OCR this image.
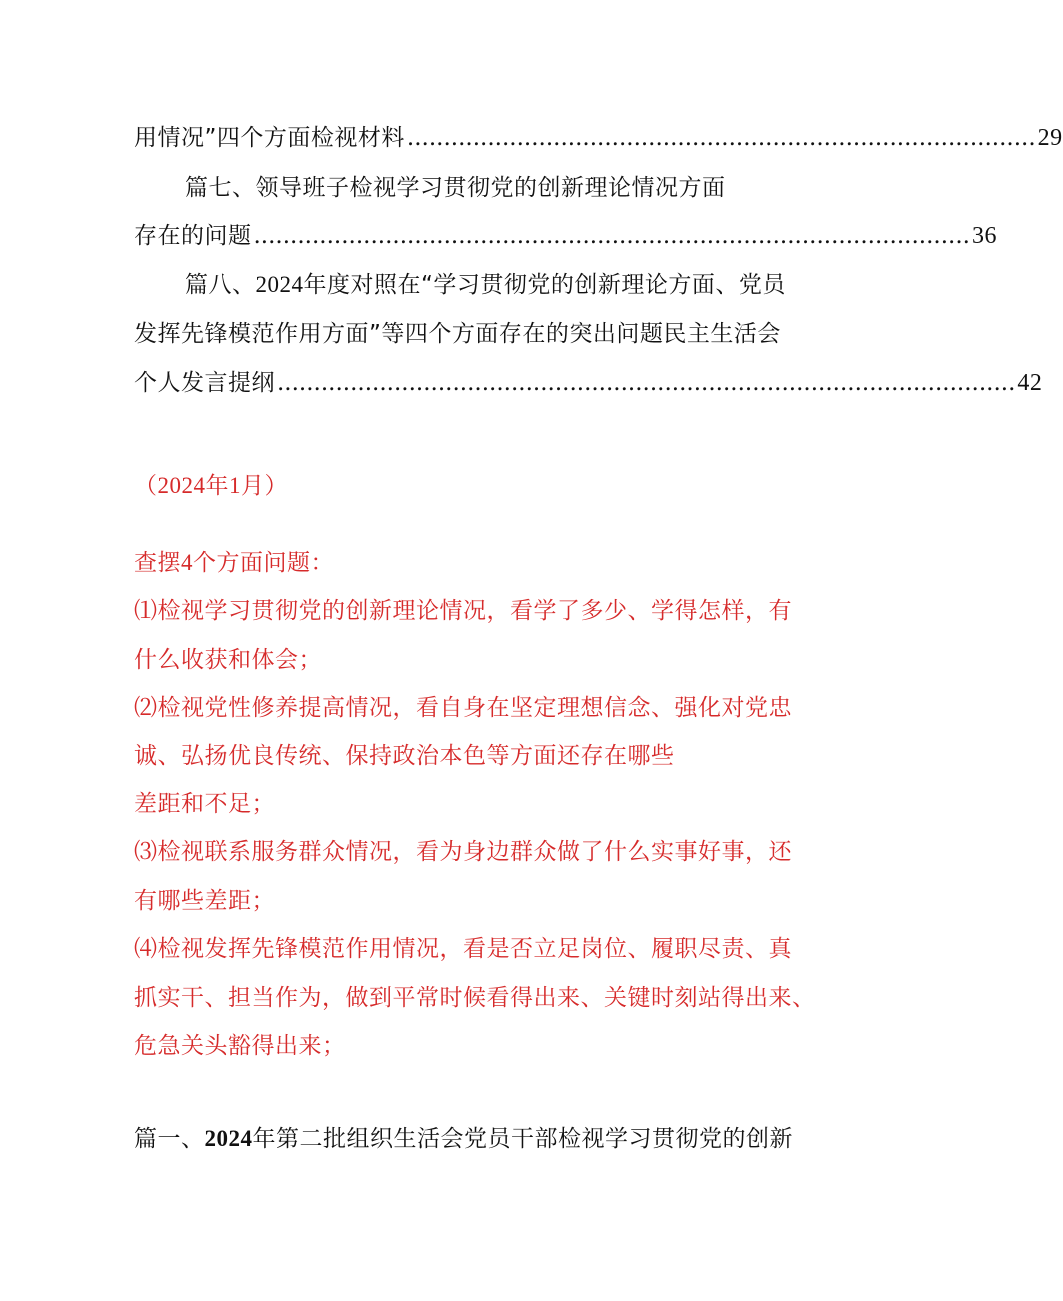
用情况”四个方面检视材料 ...................................................................................... 29
篇七、领导班子检视学习贯彻党的创新理论情况方面
存在的问题 .................................................................................................. 36
篇八、2024年度对照在“学习贯彻党的创新理论方面、党员
发挥先锋模范作用方面”等四个方面存在的突出问题民主生活会
个人发言提纲 ..................................................................................................... 42
（2024年1月）
查摆4个方面问题：
⑴检视学习贯彻党的创新理论情况，看学了多少、学得怎样，有
什么收获和体会；
⑵检视党性修养提高情况，看自身在坚定理想信念、强化对党忠
诚、弘扬优良传统、保持政治本色等方面还存在哪些
差距和不足；
⑶检视联系服务群众情况，看为身边群众做了什么实事好事，还
有哪些差距；
⑷检视发挥先锋模范作用情况，看是否立足岗位、履职尽责、真
抓实干、担当作为，做到平常时候看得出来、关键时刻站得出来、
危急关头豁得出来；
篇一、2024年第二批组织生活会党员干部检视学习贯彻党的创新
